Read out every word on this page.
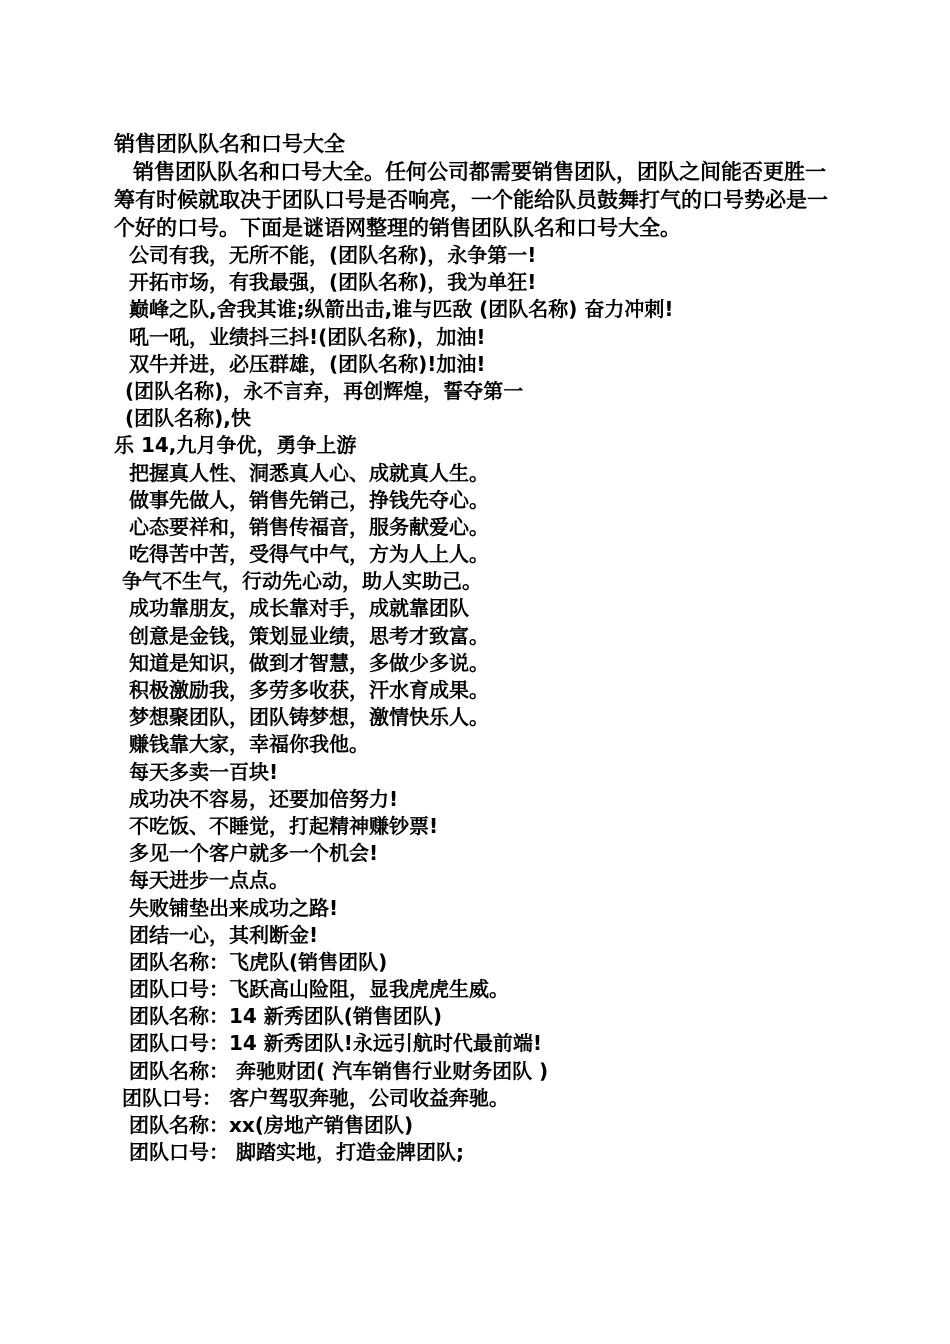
销售团队队名和口号大全

销售团队队名和口号大全。任何公司都需要销售团队，团队之间能否更胜一筹有时候就取决于团队口号是否响亮，一个能给队员鼓舞打气的口号势必是一个好的口号。下面是谜语网整理的销售团队队名和口号大全。

公司有我，无所不能，(团队名称)，永争第一!
开拓市场，有我最强，(团队名称)，我为单狂!
巅峰之队,舍我其谁;纵箭出击,谁与匹敌 (团队名称) 奋力冲刺!
吼一吼，业绩抖三抖!(团队名称)，加油!
双牛并进，必压群雄，(团队名称)!加油!
(团队名称)，永不言弃，再创辉煌，誓夺第一
(团队名称),快
乐 14,九月争优，勇争上游
把握真人性、洞悉真人心、成就真人生。
做事先做人，销售先销己，挣钱先夺心。
心态要祥和，销售传福音，服务献爱心。
吃得苦中苦，受得气中气，方为人上人。
争气不生气，行动先心动，助人实助己。
成功靠朋友，成长靠对手，成就靠团队
创意是金钱，策划显业绩，思考才致富。
知道是知识，做到才智慧，多做少多说。
积极激励我，多劳多收获，汗水育成果。
梦想聚团队，团队铸梦想，激情快乐人。
赚钱靠大家，幸福你我他。
每天多卖一百块!
成功决不容易，还要加倍努力!
不吃饭、不睡觉，打起精神赚钞票!
多见一个客户就多一个机会!
每天进步一点点。
失败铺垫出来成功之路!
团结一心，其利断金!
团队名称：飞虎队(销售团队)
团队口号：飞跃高山险阻，显我虎虎生威。
团队名称：14 新秀团队(销售团队)
团队口号：14 新秀团队!永远引航时代最前端!
团队名称： 奔驰财团( 汽车销售行业财务团队 )
团队口号： 客户驾驭奔驰，公司收益奔驰。
团队名称：xx(房地产销售团队)
团队口号： 脚踏实地，打造金牌团队;
